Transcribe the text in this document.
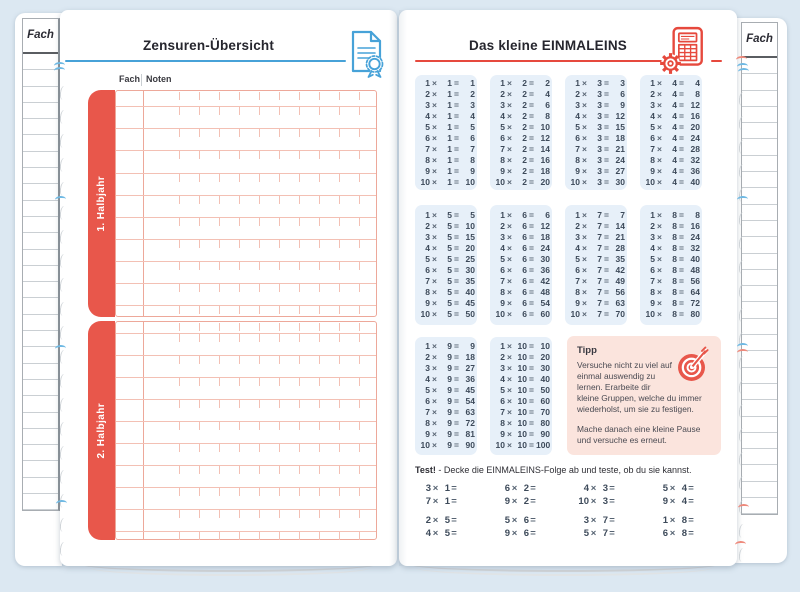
Fach	Fach
Zensuren-Übersicht
Fach Noten
1. Halbjahr
2. Halbjahr
Das kleine EINMALEINS
1 ×	1 =	1
2 ×	1 =	2
3 ×	1 =	3
4 ×	1 =	4
5 ×	1 =	5
6 ×	1 =	6
7 ×	1 =	7
8 ×	1 =	8
9 ×	1 =	9
10 ×	1 = 10
1 ×	2 =	2
2 ×	2 =	4
3 ×	2 =	6
4 ×	2 =	8
5 ×	2 = 10
6 ×	2 = 12
7 ×	2 = 14
8 ×	2 = 16
9 ×	2 = 18
10 ×	2 = 20
1 ×	3 =	3
2 ×	3 =	6
3 ×	3 =	9
4 ×	3 = 12
5 ×	3 = 15
6 ×	3 = 18
7 ×	3 = 21
8 ×	3 = 24
9 ×	3 = 27
10 ×	3 = 30
1 ×	4 =	4
2 ×	4 =	8
3 ×	4 = 12
4 ×	4 = 16
5 ×	4 = 20
6 ×	4 = 24
7 ×	4 = 28
8 ×	4 = 32
9 ×	4 = 36
10 ×	4 = 40
1 ×	5 =	5
2 ×	5 = 10
3 ×	5 = 15
4 ×	5 = 20
5 ×	5 = 25
6 ×	5 = 30
7 ×	5 = 35
8 ×	5 = 40
9 ×	5 = 45
10 ×	5 = 50
1 ×	6 =	6
2 ×	6 = 12
3 ×	6 = 18
4 ×	6 = 24
5 ×	6 = 30
6 ×	6 = 36
7 ×	6 = 42
8 ×	6 = 48
9 ×	6 = 54
10 ×	6 = 60
1 ×	7 =	7
2 ×	7 = 14
3 ×	7 = 21
4 ×	7 = 28
5 ×	7 = 35
6 ×	7 = 42
7 ×	7 = 49
8 ×	7 = 56
9 ×	7 = 63
10 ×	7 = 70
1 ×	8 =	8
2 ×	8 = 16
3 ×	8 = 24
4 ×	8 = 32
5 ×	8 = 40
6 ×	8 = 48
7 ×	8 = 56
8 ×	8 = 64
9 ×	8 = 72
10 ×	8 = 80
1 ×	9 =	9
2 ×	9 = 18
3 ×	9 = 27
4 ×	9 = 36
5 ×	9 = 45
6 ×	9 = 54
7 ×	9 = 63
8 ×	9 = 72
9 ×	9 = 81
10 ×	9 = 90
1 × 10 = 10
2 × 10 = 20
3 × 10 = 30
4 × 10 = 40
5 × 10 = 50
6 × 10 = 60
7 × 10 = 70
8 × 10 = 80
9 × 10 = 90
10 × 10 = 100
Tipp

Versuche nicht zu viel auf einmal auswendig zu lernen. Erarbeite dir kleine Gruppen, welche du immer wiederholst, um sie zu festigen.

Mache danach eine kleine Pause und versuche es erneut.

Test! - Decke die EINMALEINS-Folge ab und teste, ob du sie kannst.
3 × 1 =	6 × 2 =	4 × 3 =	5 × 4 =
7 × 1 =	9 × 2 =	10 × 3 =	9 × 4 =
2 × 5 =	5 × 6 =	3 × 7 =	1 × 8 =
4 × 5 =	9 × 6 =	5 × 7 =	6 × 8 =
